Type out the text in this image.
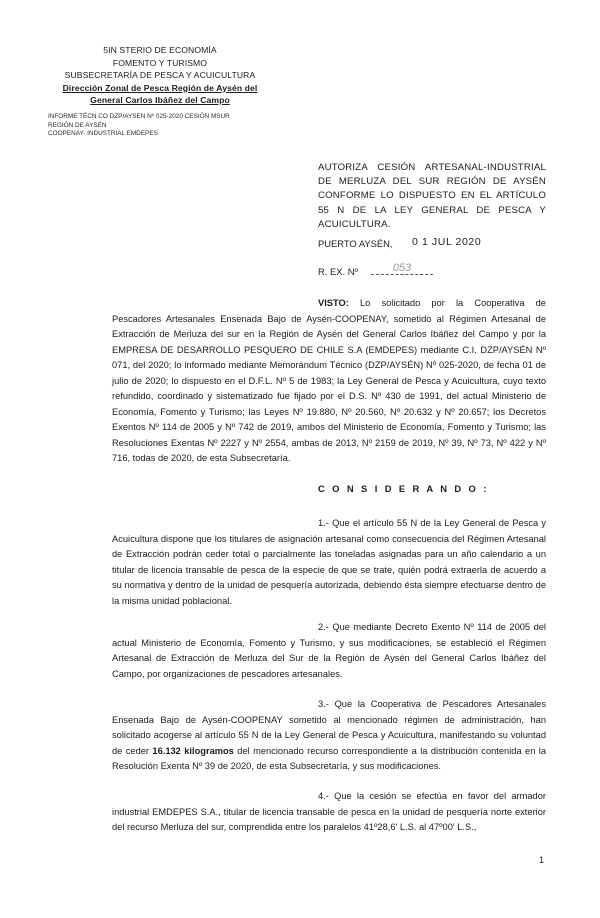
5IN STERIO DE ECONOMÍA
FOMENTO Y TURISMO
SUBSECRETARÍA DE PESCA Y ACUICULTURA
Dirección Zonal de Pesca Región de Aysén del
General Carlos Ibáñez del Campo
INFORME TÉCN CO DZP/AYSEN Nº 025-2020 CESIÓN MSUR
REGIÓN DE AYSÉN
COOPENAY- INDUSTRIAL EMDEPES
AUTORIZA CESIÓN ARTESANAL-INDUSTRIAL DE MERLUZA DEL SUR REGIÓN DE AYSÉN CONFORME LO DISPUESTO EN EL ARTÍCULO 55 N DE LA LEY GENERAL DE PESCA Y ACUICULTURA.
PUERTO AYSÉN, 0 1 JUL 2020
R. EX. Nº	053
VISTO: Lo solicitado por la Cooperativa de Pescadores Artesanales Ensenada Bajo de Aysén-COOPENAY, sometido al Régimen Artesanal de Extracción de Merluza del sur en la Región de Aysén del General Carlos Ibáñez del Campo y por la EMPRESA DE DESARROLLO PESQUERO DE CHILE S.A (EMDEPES) mediante C.I. DZP/AYSÉN Nº 071, del 2020; lo informado mediante Memorándum Técnico (DZP/AYSÉN) Nº 025-2020, de fecha 01 de julio de 2020; lo dispuesto en el D.F.L. Nº 5 de 1983; la Ley General de Pesca y Acuicultura, cuyo texto refundido, coordinado y sistematizado fue fijado por el D.S. Nº 430 de 1991, del actual Ministerio de Economía, Fomento y Turismo; las Leyes Nº 19.880, Nº 20.560, Nº 20.632 y Nº 20.657; los Decretos Exentos Nº 114 de 2005 y Nº 742 de 2019, ambos del Ministerio de Economía, Fomento y Turismo; las Resoluciones Exentas Nº 2227 y Nº 2554, ambas de 2013, Nº 2159 de 2019, Nº 39, Nº 73, Nº 422 y Nº 716, todas de 2020, de esta Subsecretaría.
C O N S I D E R A N D O :
1.- Que el artículo 55 N de la Ley General de Pesca y Acuicultura dispone que los titulares de asignación artesanal como consecuencia del Régimen Artesanal de Extracción podrán ceder total o parcialmente las toneladas asignadas para un año calendario a un titular de licencia transable de pesca de la especie de que se trate, quién podrá extraerla de acuerdo a su normativa y dentro de la unidad de pesquería autorizada, debiendo ésta siempre efectuarse dentro de la misma unidad poblacional.
2.- Que mediante Decreto Exento Nº 114 de 2005 del actual Ministerio de Economía, Fomento y Turismo, y sus modificaciones, se estableció el Régimen Artesanal de Extracción de Merluza del Sur de la Región de Aysén del General Carlos Ibáñez del Campo, por organizaciones de pescadores artesanales.
3.- Que la Cooperativa de Pescadores Artesanales Ensenada Bajo de Aysén-COOPENAY sometido al mencionado régimen de administración, han solicitado acogerse al artículo 55 N de la Ley General de Pesca y Acuicultura, manifestando su voluntad de ceder 16.132 kilogramos del mencionado recurso correspondiente a la distribución contenida en la Resolución Exenta Nº 39 de 2020, de esta Subsecretaría, y sus modificaciones.
4.- Que la cesión se efectúa en favor del armador industrial EMDEPES S.A., titular de licencia transable de pesca en la unidad de pesquería norte exterior del recurso Merluza del sur, comprendida entre los paralelos 41º28,6' L.S. al 47º00' L.S.,
1
